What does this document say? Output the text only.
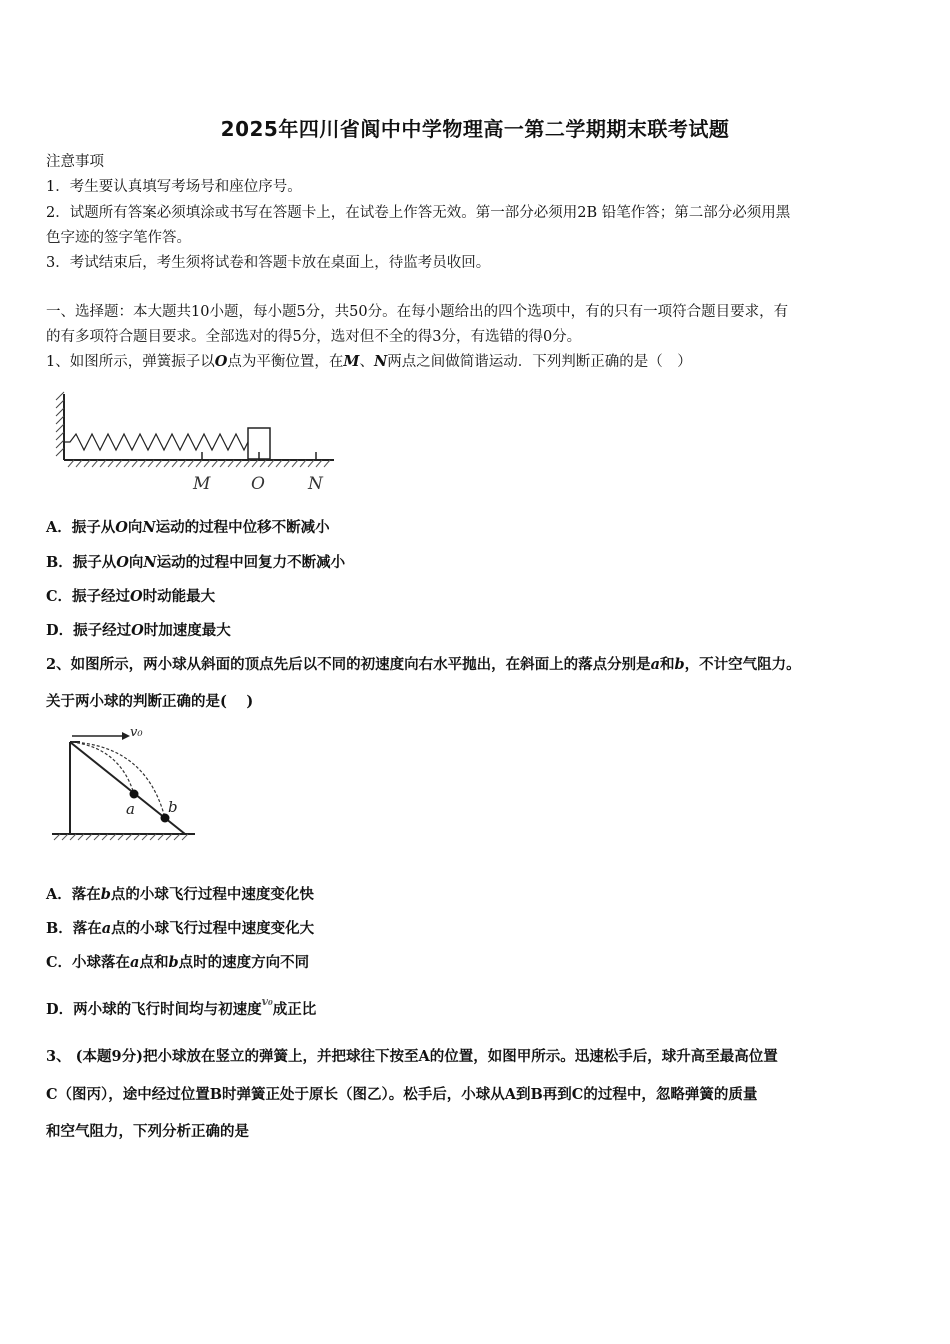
2025年四川省阆中中学物理高一第二学期期末联考试题
注意事项
1．考生要认真填写考场号和座位序号。
2．试题所有答案必须填涂或书写在答题卡上，在试卷上作答无效。第一部分必须用2B 铅笔作答；第二部分必须用黑
色字迹的签字笔作答。
3．考试结束后，考生须将试卷和答题卡放在桌面上，待监考员收回。
一、选择题：本大题共10小题，每小题5分，共50分。在每小题给出的四个选项中，有的只有一项符合题目要求，有
的有多项符合题目要求。全部选对的得5分，选对但不全的得3分，有选错的得0分。
1、如图所示，弹簧振子以O点为平衡位置，在M、N两点之间做简谐运动．下列判断正确的是（　）
M O	N
A．振子从O向N运动的过程中位移不断减小
B．振子从O向N运动的过程中回复力不断减小
C．振子经过O时动能最大
D．振子经过O时加速度最大
2、如图所示，两小球从斜面的顶点先后以不同的初速度向右水平抛出，在斜面上的落点分别是a和b，不计空气阻力。
关于两小球的判断正确的是(　 )
v₀
a b
A．落在b点的小球飞行过程中速度变化快
B．落在a点的小球飞行过程中速度变化大
C．小球落在a点和b点时的速度方向不同
D．两小球的飞行时间均与初速度$^{v_0}$成正比
3、 (本题9分)把小球放在竖立的弹簧上，并把球往下按至A的位置，如图甲所示。迅速松手后，球升高至最高位置
C（图丙），途中经过位置B时弹簧正处于原长（图乙）。松手后，小球从A到B再到C的过程中，忽略弹簧的质量
和空气阻力，下列分析正确的是
